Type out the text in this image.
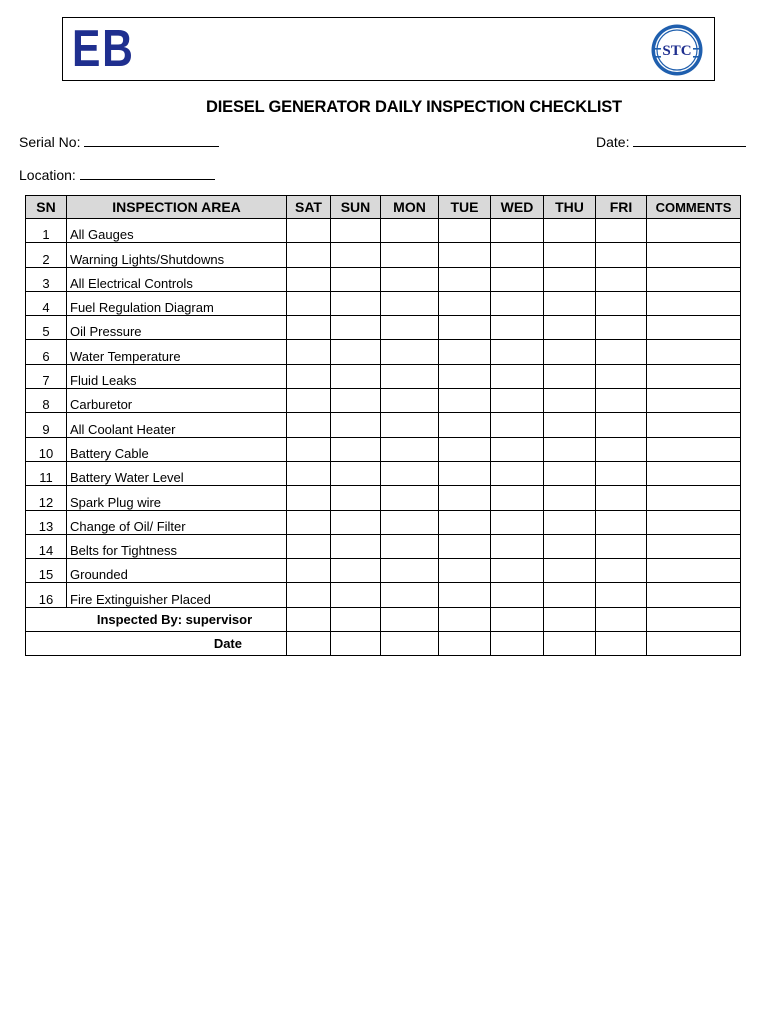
EB	STC
DIESEL GENERATOR DAILY INSPECTION CHECKLIST
Serial No:	Date:
Location:
SN	INSPECTION AREA	SAT	SUN	MON	TUE	WED	THU	FRI	COMMENTS
1	All Gauges								
2	Warning Lights/Shutdowns								
3	All Electrical Controls								
4	Fuel Regulation Diagram								
5	Oil Pressure								
6	Water Temperature								
7	Fluid Leaks								
8	Carburetor								
9	All Coolant Heater								
10	Battery Cable								
11	Battery Water Level								
12	Spark Plug wire								
13	Change of Oil/ Filter								
14	Belts for Tightness								
15	Grounded								
16	Fire Extinguisher Placed								
Inspected By: supervisor									
Date									
